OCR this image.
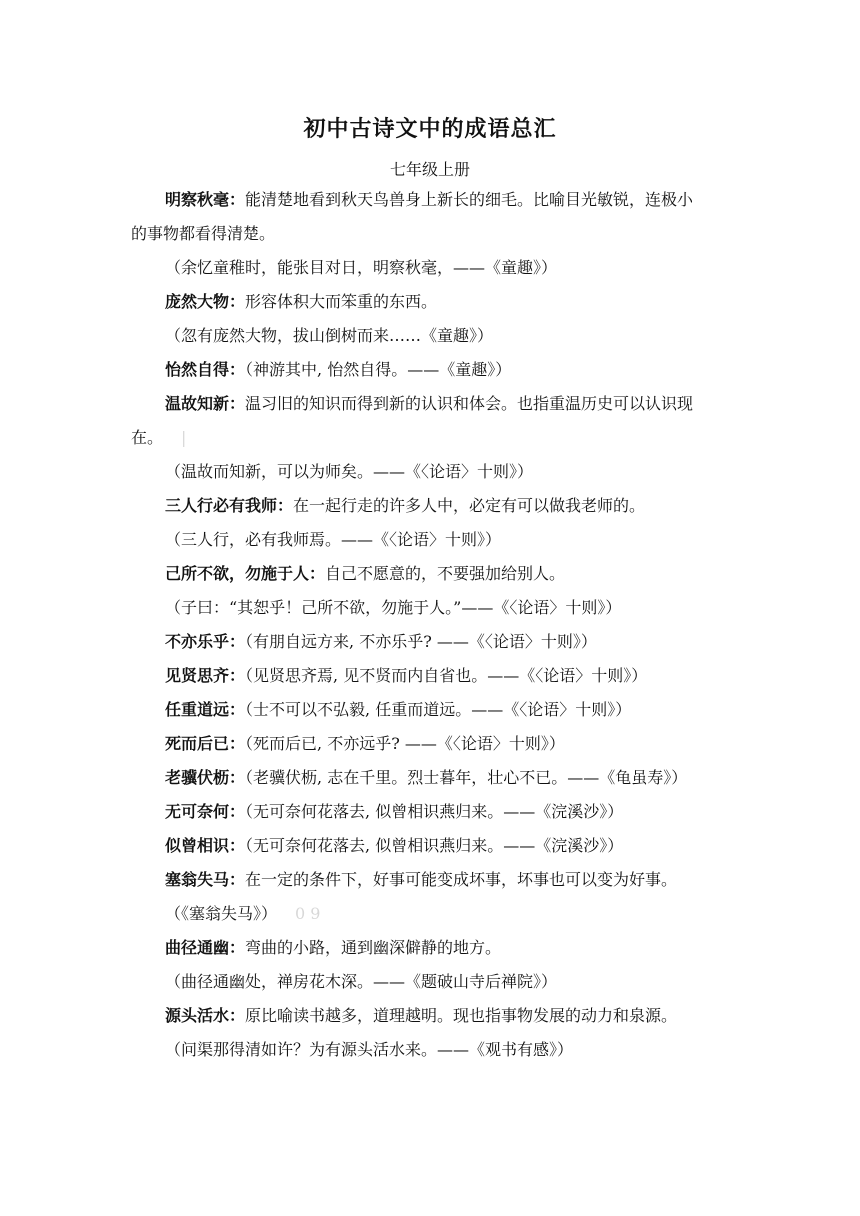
初中古诗文中的成语总汇
七年级上册
明察秋毫：能清楚地看到秋天鸟兽身上新长的细毛。比喻目光敏锐，连极小
的事物都看得清楚。
（余忆童稚时，能张目对日，明察秋毫，——《童趣》）
庞然大物：形容体积大而笨重的东西。
（忽有庞然大物，拔山倒树而来……《童趣》）
怡然自得：（神游其中, 怡然自得。——《童趣》）
温故知新：温习旧的知识而得到新的认识和体会。也指重温历史可以认识现
在。 |
（温故而知新，可以为师矣。——《〈论语〉十则》）
三人行必有我师：在一起行走的许多人中，必定有可以做我老师的。
（三人行，必有我师焉。——《〈论语〉十则》）
己所不欲，勿施于人：自己不愿意的，不要强加给别人。
（子曰：“其恕乎！己所不欲，勿施于人。”——《〈论语〉十则》）
不亦乐乎：（有朋自远方来, 不亦乐乎? ——《〈论语〉十则》）
见贤思齐：（见贤思齐焉, 见不贤而内自省也。——《〈论语〉十则》）
任重道远：（士不可以不弘毅, 任重而道远。——《〈论语〉十则》）
死而后已：（死而后已, 不亦远乎? ——《〈论语〉十则》）
老骥伏枥：（老骥伏枥, 志在千里。烈士暮年，壮心不已。——《龟虽寿》）
无可奈何：（无可奈何花落去, 似曾相识燕归来。——《浣溪沙》）
似曾相识：（无可奈何花落去, 似曾相识燕归来。——《浣溪沙》）
塞翁失马：在一定的条件下，好事可能变成坏事，坏事也可以变为好事。
（《塞翁失马》） 0 9
曲径通幽：弯曲的小路，通到幽深僻静的地方。
（曲径通幽处，禅房花木深。——《题破山寺后禅院》）
源头活水：原比喻读书越多，道理越明。现也指事物发展的动力和泉源。
（问渠那得清如许？为有源头活水来。——《观书有感》）
